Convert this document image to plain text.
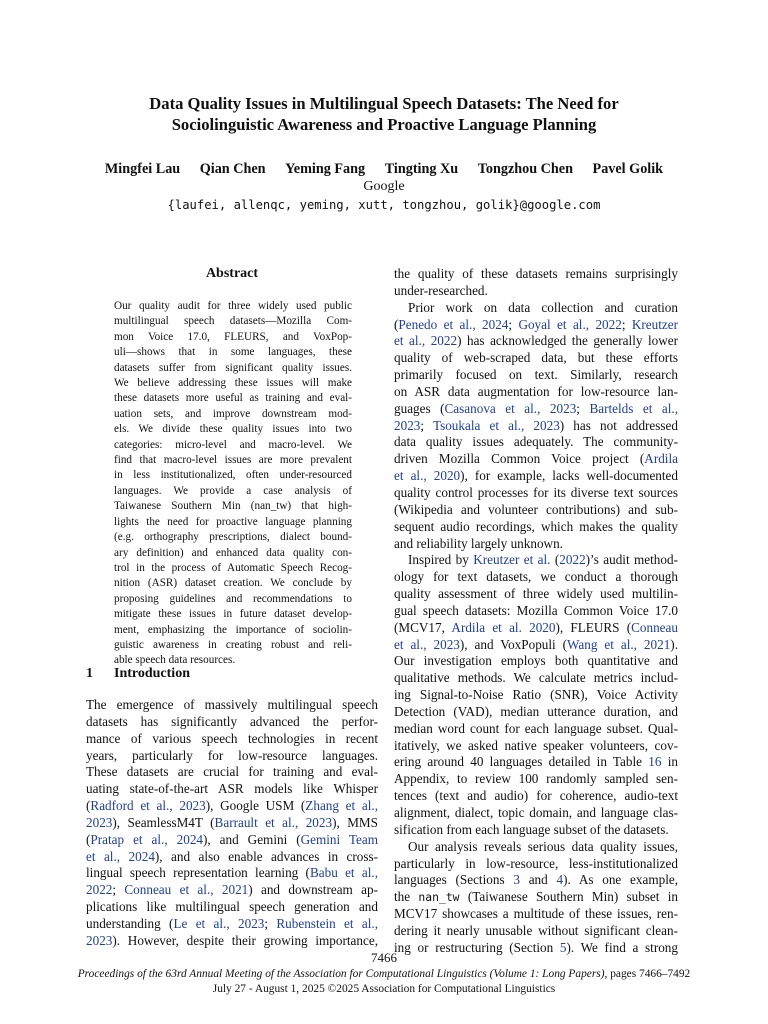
Data Quality Issues in Multilingual Speech Datasets: The Need for
Sociolinguistic Awareness and Proactive Language Planning
Mingfei Lau Qian Chen Yeming Fang Tingting Xu Tongzhou Chen Pavel Golik
Google
{laufei, allenqc, yeming, xutt, tongzhou, golik}@google.com
Abstract
Our quality audit for three widely used public
multilingual speech datasets—Mozilla Com-
mon Voice 17.0, FLEURS, and VoxPop-
uli—shows that in some languages, these
datasets suffer from significant quality issues.
We believe addressing these issues will make
these datasets more useful as training and eval-
uation sets, and improve downstream mod-
els. We divide these quality issues into two
categories: micro-level and macro-level. We
find that macro-level issues are more prevalent
in less institutionalized, often under-resourced
languages. We provide a case analysis of
Taiwanese Southern Min (nan_tw) that high-
lights the need for proactive language planning
(e.g. orthography prescriptions, dialect bound-
ary definition) and enhanced data quality con-
trol in the process of Automatic Speech Recog-
nition (ASR) dataset creation. We conclude by
proposing guidelines and recommendations to
mitigate these issues in future dataset develop-
ment, emphasizing the importance of sociolin-
guistic awareness in creating robust and reli-
able speech data resources.
1 Introduction
The emergence of massively multilingual speech
datasets has significantly advanced the perfor-
mance of various speech technologies in recent
years, particularly for low-resource languages.
These datasets are crucial for training and eval-
uating state-of-the-art ASR models like Whisper
(Radford et al., 2023), Google USM (Zhang et al.,
2023), SeamlessM4T (Barrault et al., 2023), MMS
(Pratap et al., 2024), and Gemini (Gemini Team
et al., 2024), and also enable advances in cross-
lingual speech representation learning (Babu et al.,
2022; Conneau et al., 2021) and downstream ap-
plications like multilingual speech generation and
understanding (Le et al., 2023; Rubenstein et al.,
2023). However, despite their growing importance,
the quality of these datasets remains surprisingly
under-researched.
Prior work on data collection and curation
(Penedo et al., 2024; Goyal et al., 2022; Kreutzer
et al., 2022) has acknowledged the generally lower
quality of web-scraped data, but these efforts
primarily focused on text. Similarly, research
on ASR data augmentation for low-resource lan-
guages (Casanova et al., 2023; Bartelds et al.,
2023; Tsoukala et al., 2023) has not addressed
data quality issues adequately. The community-
driven Mozilla Common Voice project (Ardila
et al., 2020), for example, lacks well-documented
quality control processes for its diverse text sources
(Wikipedia and volunteer contributions) and sub-
sequent audio recordings, which makes the quality
and reliability largely unknown.
Inspired by Kreutzer et al. (2022)’s audit method-
ology for text datasets, we conduct a thorough
quality assessment of three widely used multilin-
gual speech datasets: Mozilla Common Voice 17.0
(MCV17, Ardila et al. 2020), FLEURS (Conneau
et al., 2023), and VoxPopuli (Wang et al., 2021).
Our investigation employs both quantitative and
qualitative methods. We calculate metrics includ-
ing Signal-to-Noise Ratio (SNR), Voice Activity
Detection (VAD), median utterance duration, and
median word count for each language subset. Qual-
itatively, we asked native speaker volunteers, cov-
ering around 40 languages detailed in Table 16 in
Appendix, to review 100 randomly sampled sen-
tences (text and audio) for coherence, audio-text
alignment, dialect, topic domain, and language clas-
sification from each language subset of the datasets.
Our analysis reveals serious data quality issues,
particularly in low-resource, less-institutionalized
languages (Sections 3 and 4). As one example,
the nan_tw (Taiwanese Southern Min) subset in
MCV17 showcases a multitude of these issues, ren-
dering it nearly unusable without significant clean-
ing or restructuring (Section 5). We find a strong
7466
Proceedings of the 63rd Annual Meeting of the Association for Computational Linguistics (Volume 1: Long Papers), pages 7466–7492
July 27 - August 1, 2025 ©2025 Association for Computational Linguistics
